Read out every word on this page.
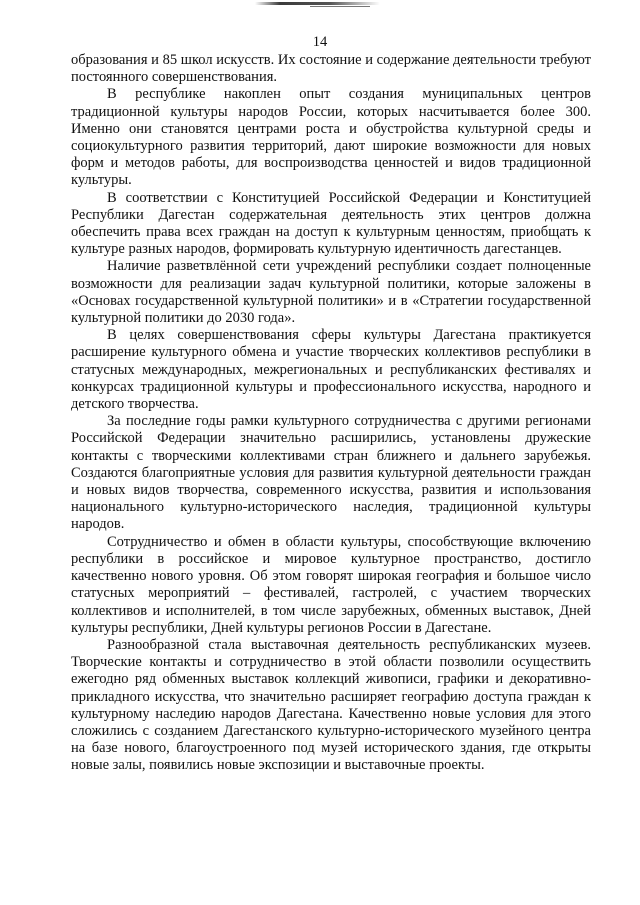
14

образования и 85 школ искусств. Их состояние и содержание деятельности требуют постоянного совершенствования.

В республике накоплен опыт создания муниципальных центров традиционной культуры народов России, которых насчитывается более 300. Именно они становятся центрами роста и обустройства культурной среды и социокультурного развития территорий, дают широкие возможности для новых форм и методов работы, для воспроизводства ценностей и видов традиционной культуры.

В соответствии с Конституцией Российской Федерации и Конституцией Республики Дагестан содержательная деятельность этих центров должна обеспечить права всех граждан на доступ к культурным ценностям, приобщать к культуре разных народов, формировать культурную идентичность дагестанцев.

Наличие разветвлённой сети учреждений республики создает полноценные возможности для реализации задач культурной политики, которые заложены в «Основах государственной культурной политики» и в «Стратегии государственной культурной политики до 2030 года».

В целях совершенствования сферы культуры Дагестана практикуется расширение культурного обмена и участие творческих коллективов республики в статусных международных, межрегиональных и республиканских фестивалях и конкурсах традиционной культуры и профессионального искусства, народного и детского творчества.

За последние годы рамки культурного сотрудничества с другими регионами Российской Федерации значительно расширились, установлены дружеские контакты с творческими коллективами стран ближнего и дальнего зарубежья. Создаются благоприятные условия для развития культурной деятельности граждан и новых видов творчества, современного искусства, развития и использования национального культурно-исторического наследия, традиционной культуры народов.

Сотрудничество и обмен в области культуры, способствующие включению республики в российское и мировое культурное пространство, достигло качественно нового уровня. Об этом говорят широкая география и большое число статусных мероприятий – фестивалей, гастролей, с участием творческих коллективов и исполнителей, в том числе зарубежных, обменных выставок, Дней культуры республики, Дней культуры регионов России в Дагестане.

Разнообразной стала выставочная деятельность республиканских музеев. Творческие контакты и сотрудничество в этой области позволили осуществить ежегодно ряд обменных выставок коллекций живописи, графики и декоративно-прикладного искусства, что значительно расширяет географию доступа граждан к культурному наследию народов Дагестана. Качественно новые условия для этого сложились с созданием Дагестанского культурно-исторического музейного центра на базе нового, благоустроенного под музей исторического здания, где открыты новые залы, появились новые экспозиции и выставочные проекты.
